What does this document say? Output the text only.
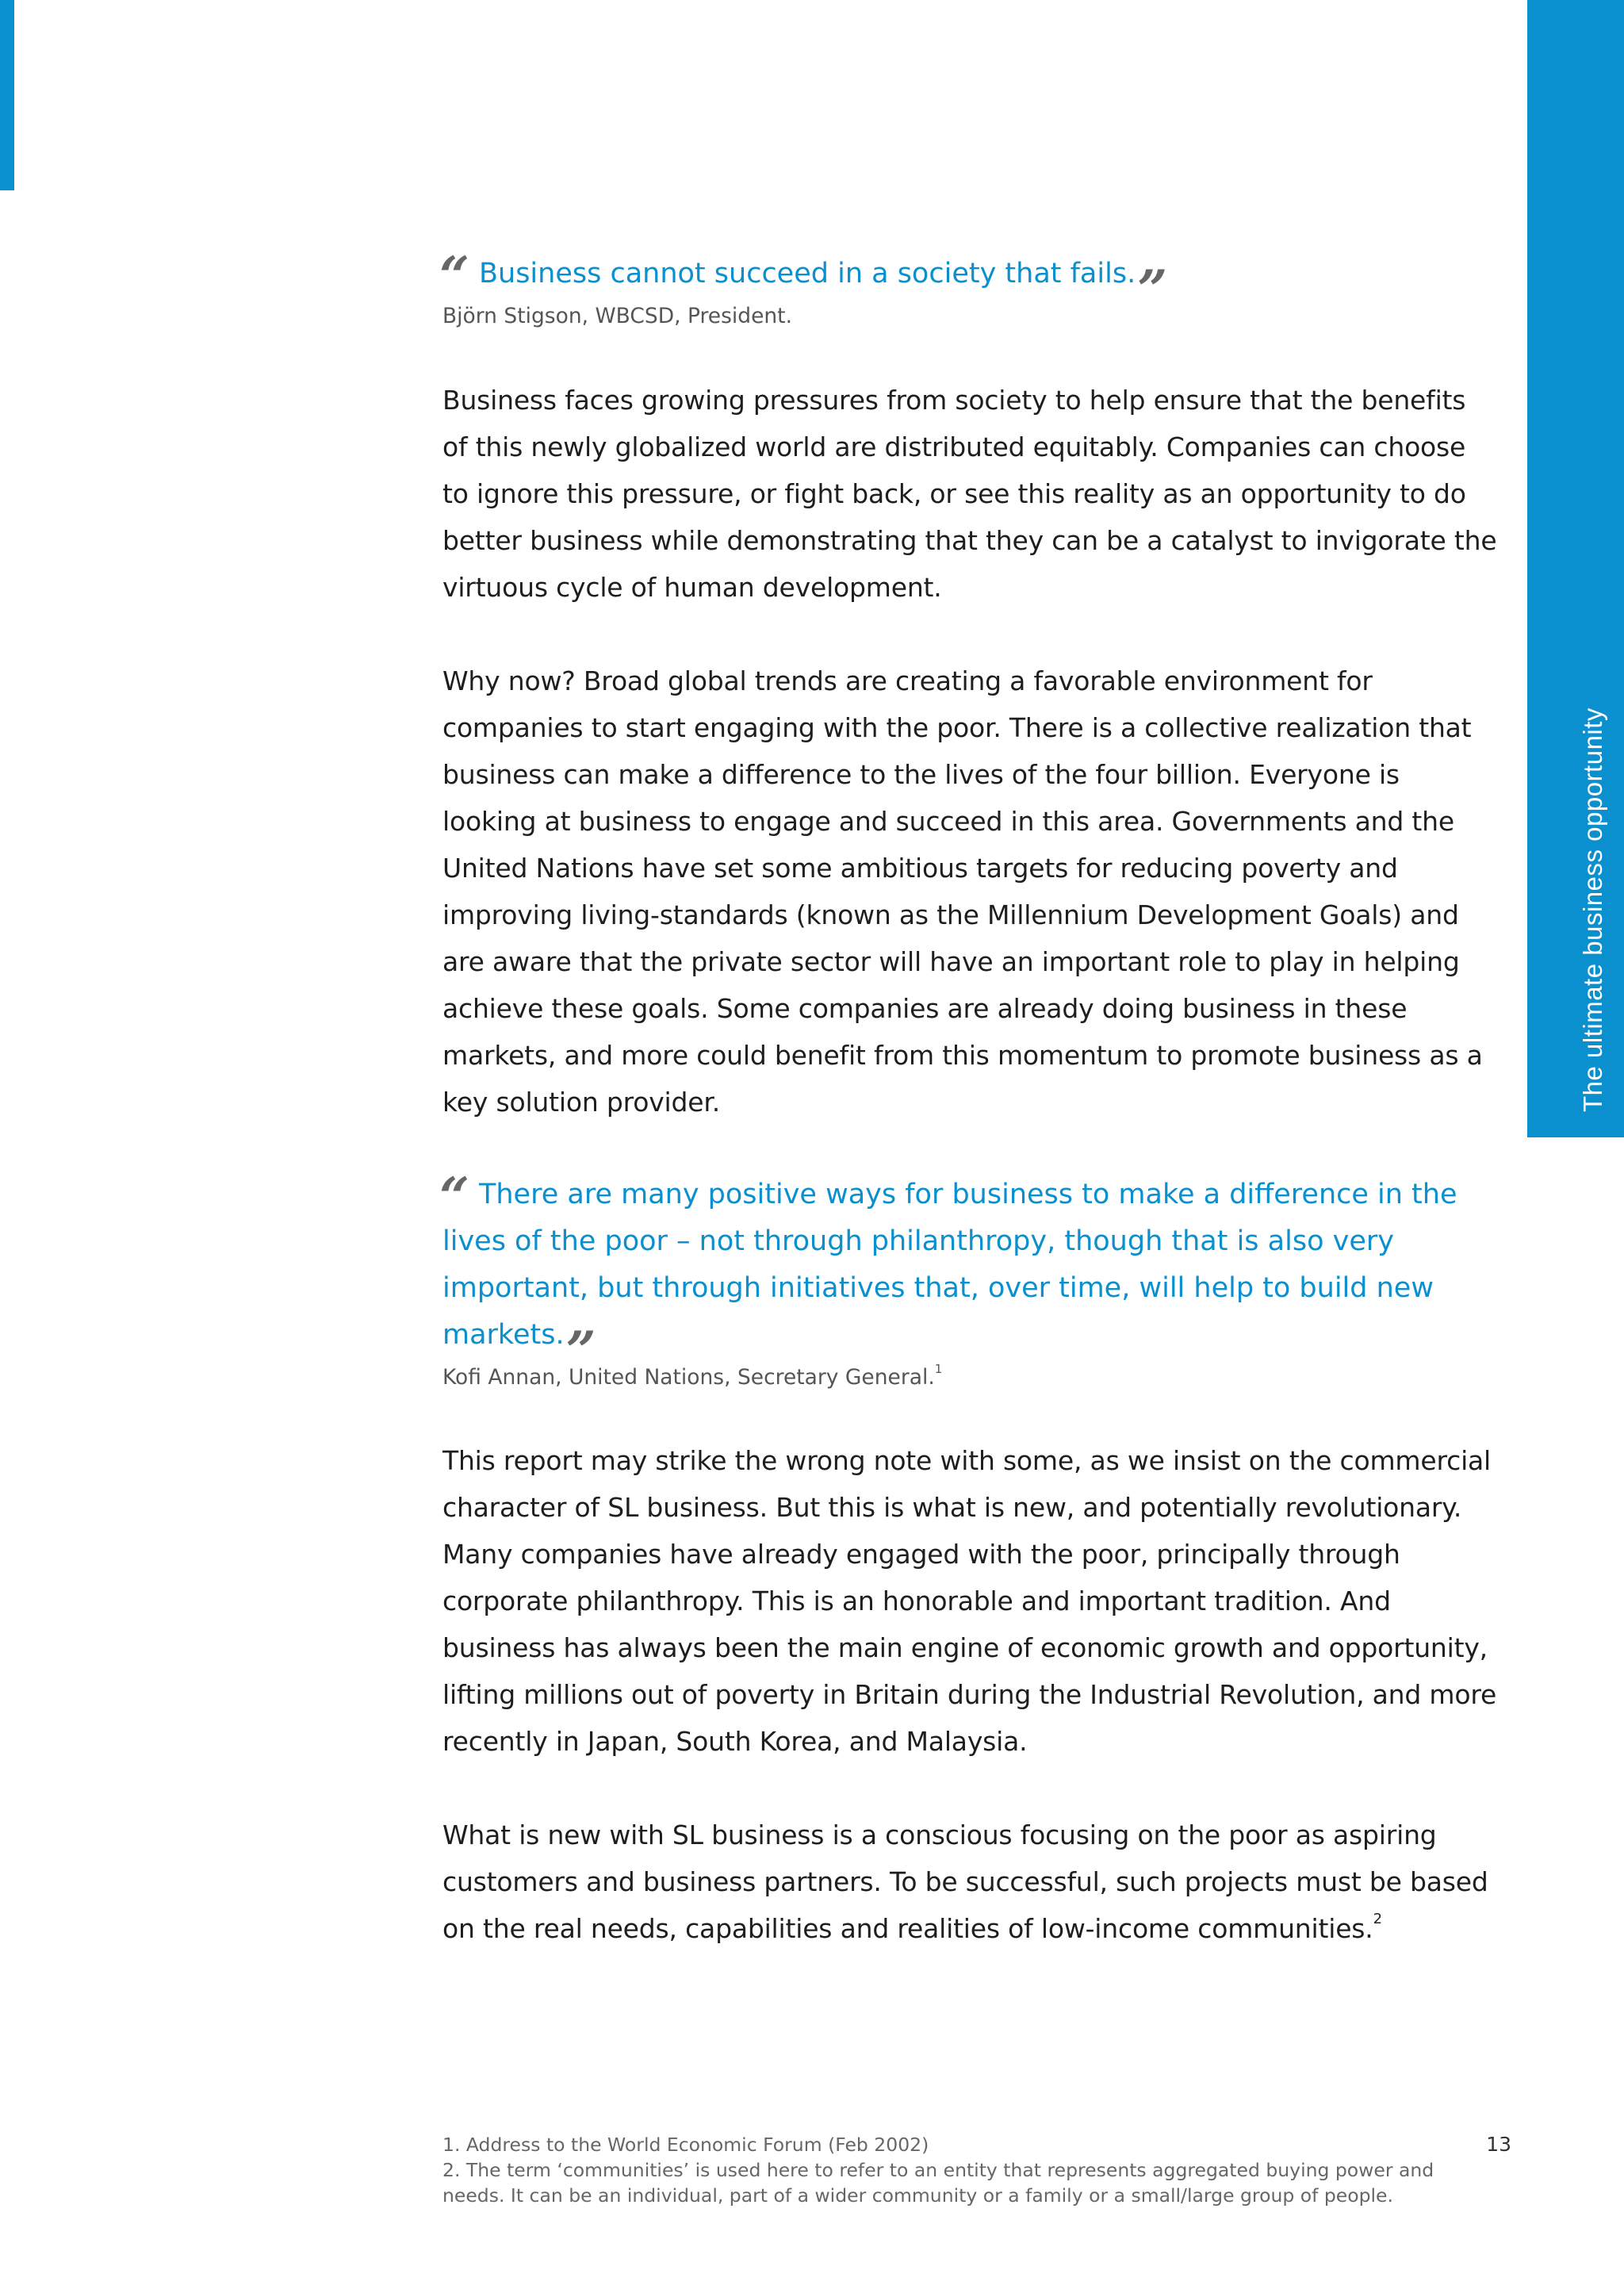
The ultimate business opportunity
“ Business cannot succeed in a society that fails.”

Björn Stigson, WBCSD, President.

Business faces growing pressures from society to help ensure that the benefits of this newly globalized world are distributed equitably. Companies can choose to ignore this pressure, or fight back, or see this reality as an opportunity to do better business while demonstrating that they can be a catalyst to invigorate the virtuous cycle of human development.

Why now? Broad global trends are creating a favorable environment for companies to start engaging with the poor. There is a collective realization that business can make a difference to the lives of the four billion. Everyone is looking at business to engage and succeed in this area. Governments and the United Nations have set some ambitious targets for reducing poverty and improving living-standards (known as the Millennium Development Goals) and are aware that the private sector will have an important role to play in helping achieve these goals. Some companies are already doing business in these markets, and more could benefit from this momentum to promote business as a key solution provider.

“ There are many positive ways for business to make a difference in the lives of the poor – not through philanthropy, though that is also very important, but through initiatives that, over time, will help to build new markets.”

Kofi Annan, United Nations, Secretary General.$^1$

This report may strike the wrong note with some, as we insist on the commercial character of SL business. But this is what is new, and potentially revolutionary. Many companies have already engaged with the poor, principally through corporate philanthropy. This is an honorable and important tradition. And business has always been the main engine of economic growth and opportunity, lifting millions out of poverty in Britain during the Industrial Revolution, and more recently in Japan, South Korea, and Malaysia.

What is new with SL business is a conscious focusing on the poor as aspiring customers and business partners. To be successful, such projects must be based on the real needs, capabilities and realities of low-income communities.$^2$

1. Address to the World Economic Forum (Feb 2002)

2. The term ‘communities’ is used here to refer to an entity that represents aggregated buying power and needs. It can be an individual, part of a wider community or a family or a small/large group of people.

13
